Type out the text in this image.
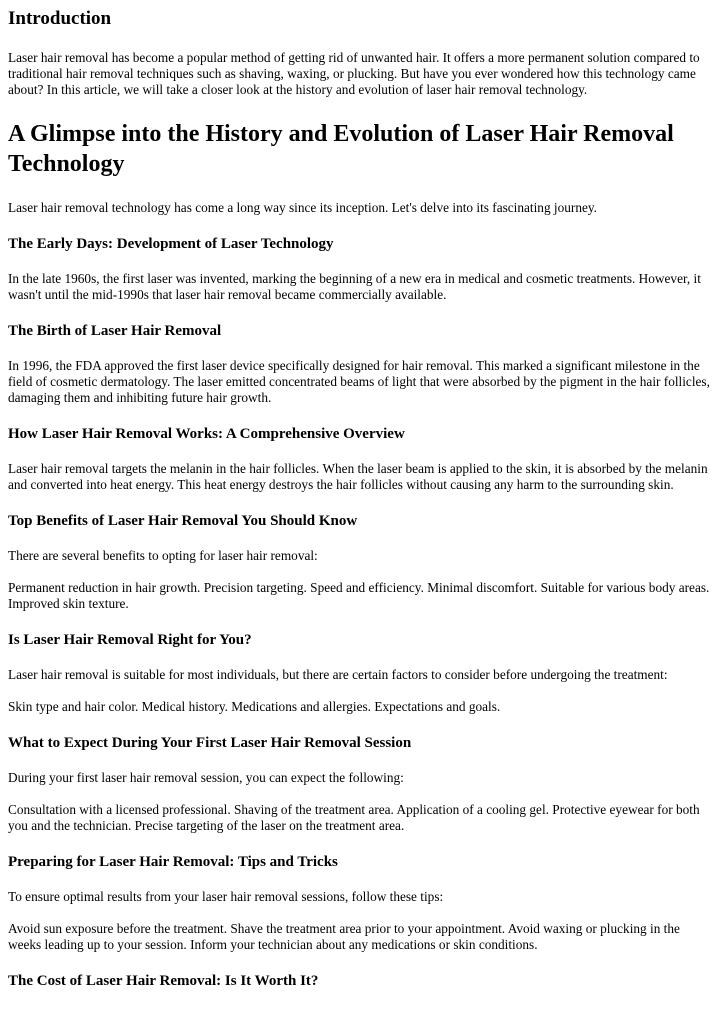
Introduction
Laser hair removal has become a popular method of getting rid of unwanted hair. It offers a more permanent solution compared to traditional hair removal techniques such as shaving, waxing, or plucking. But have you ever wondered how this technology came about? In this article, we will take a closer look at the history and evolution of laser hair removal technology.
A Glimpse into the History and Evolution of Laser Hair Removal Technology
Laser hair removal technology has come a long way since its inception. Let's delve into its fascinating journey.
The Early Days: Development of Laser Technology
In the late 1960s, the first laser was invented, marking the beginning of a new era in medical and cosmetic treatments. However, it wasn't until the mid-1990s that laser hair removal became commercially available.
The Birth of Laser Hair Removal
In 1996, the FDA approved the first laser device specifically designed for hair removal. This marked a significant milestone in the field of cosmetic dermatology. The laser emitted concentrated beams of light that were absorbed by the pigment in the hair follicles, damaging them and inhibiting future hair growth.
How Laser Hair Removal Works: A Comprehensive Overview
Laser hair removal targets the melanin in the hair follicles. When the laser beam is applied to the skin, it is absorbed by the melanin and converted into heat energy. This heat energy destroys the hair follicles without causing any harm to the surrounding skin.
Top Benefits of Laser Hair Removal You Should Know
There are several benefits to opting for laser hair removal:
Permanent reduction in hair growth. Precision targeting. Speed and efficiency. Minimal discomfort. Suitable for various body areas. Improved skin texture.
Is Laser Hair Removal Right for You?
Laser hair removal is suitable for most individuals, but there are certain factors to consider before undergoing the treatment:
Skin type and hair color. Medical history. Medications and allergies. Expectations and goals.
What to Expect During Your First Laser Hair Removal Session
During your first laser hair removal session, you can expect the following:
Consultation with a licensed professional. Shaving of the treatment area. Application of a cooling gel. Protective eyewear for both you and the technician. Precise targeting of the laser on the treatment area.
Preparing for Laser Hair Removal: Tips and Tricks
To ensure optimal results from your laser hair removal sessions, follow these tips:
Avoid sun exposure before the treatment. Shave the treatment area prior to your appointment. Avoid waxing or plucking in the weeks leading up to your session. Inform your technician about any medications or skin conditions.
The Cost of Laser Hair Removal: Is It Worth It?
